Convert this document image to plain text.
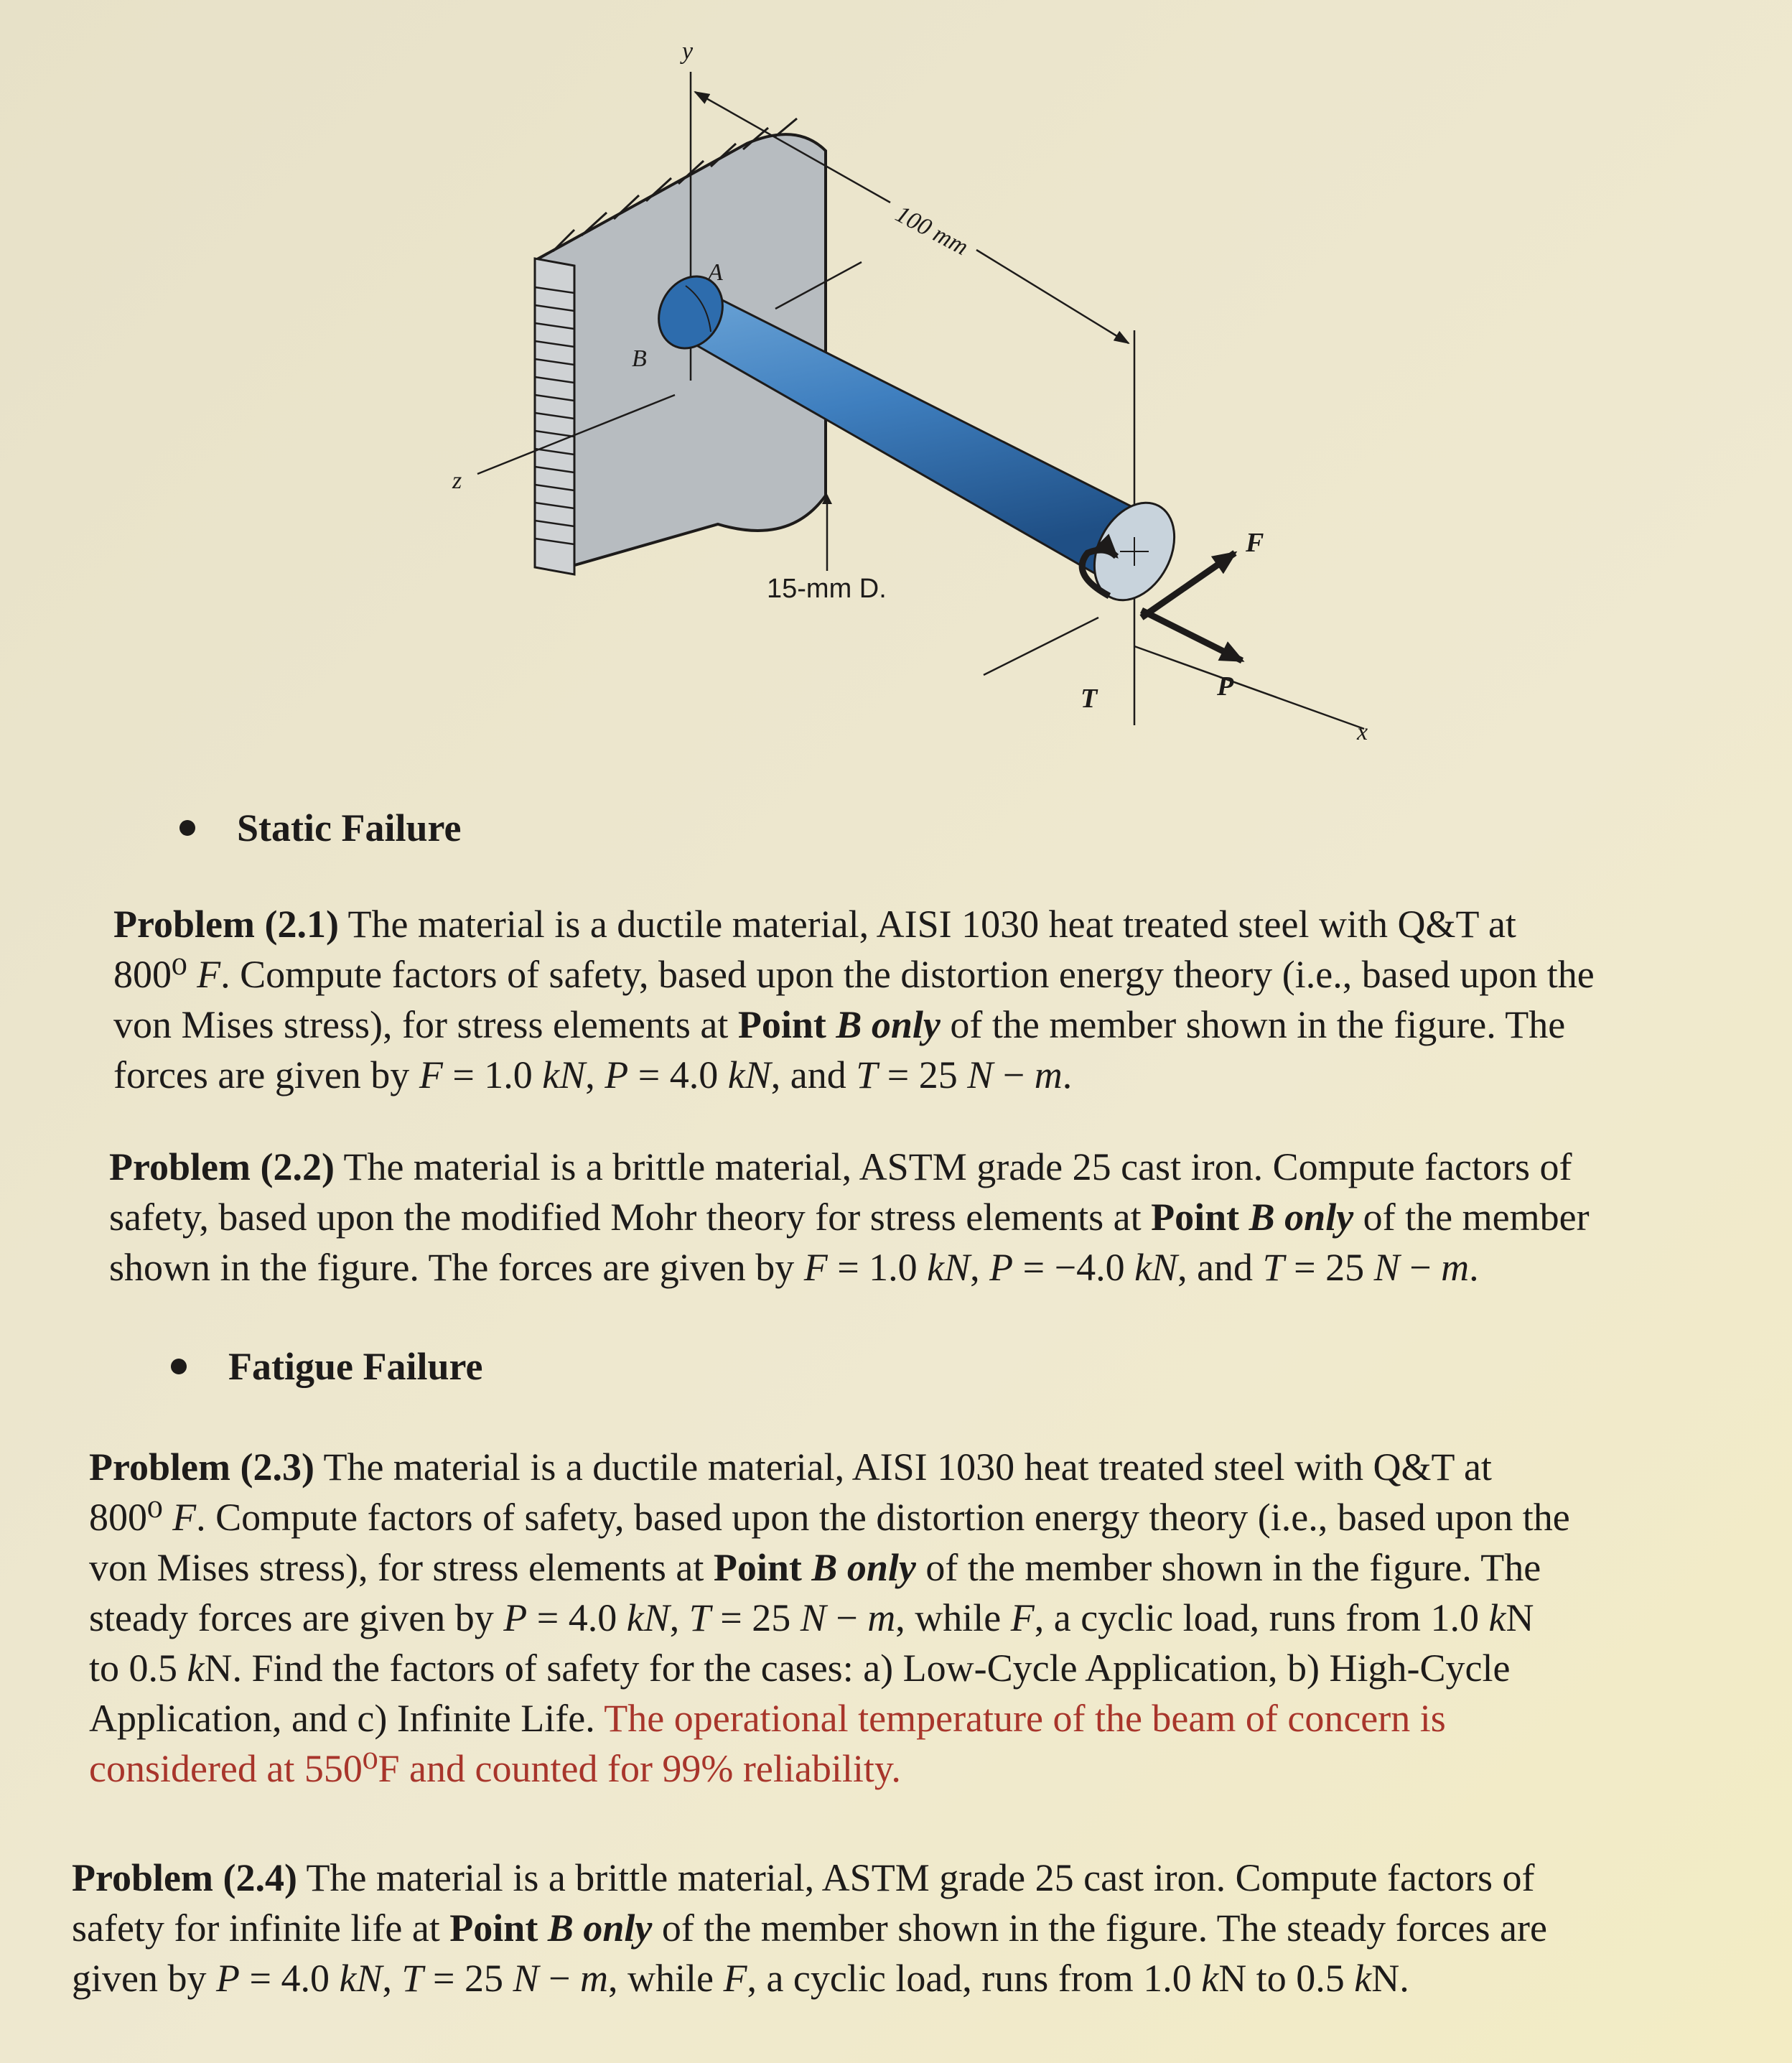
y
z
x
A
B
100 mm
F
P
T
15-mm D.
Static Failure
Problem (2.1) The material is a ductile material, AISI 1030 heat treated steel with Q&T at
800⁰ F. Compute factors of safety, based upon the distortion energy theory (i.e., based upon the
von Mises stress), for stress elements at Point B only of the member shown in the figure. The
forces are given by F = 1.0 kN, P = 4.0 kN, and T = 25 N − m.
Problem (2.2) The material is a brittle material, ASTM grade 25 cast iron. Compute factors of
safety, based upon the modified Mohr theory for stress elements at Point B only of the member
shown in the figure. The forces are given by F = 1.0 kN, P = −4.0 kN, and T = 25 N − m.
Fatigue Failure
Problem (2.3) The material is a ductile material, AISI 1030 heat treated steel with Q&T at
800⁰ F. Compute factors of safety, based upon the distortion energy theory (i.e., based upon the
von Mises stress), for stress elements at Point B only of the member shown in the figure. The
steady forces are given by P = 4.0 kN, T = 25 N − m, while F, a cyclic load, runs from 1.0 kN
to 0.5 kN. Find the factors of safety for the cases: a) Low-Cycle Application, b) High-Cycle
Application, and c) Infinite Life. The operational temperature of the beam of concern is
considered at 550⁰F and counted for 99% reliability.
Problem (2.4) The material is a brittle material, ASTM grade 25 cast iron. Compute factors of
safety for infinite life at Point B only of the member shown in the figure. The steady forces are
given by P = 4.0 kN, T = 25 N − m, while F, a cyclic load, runs from 1.0 kN to 0.5 kN.
